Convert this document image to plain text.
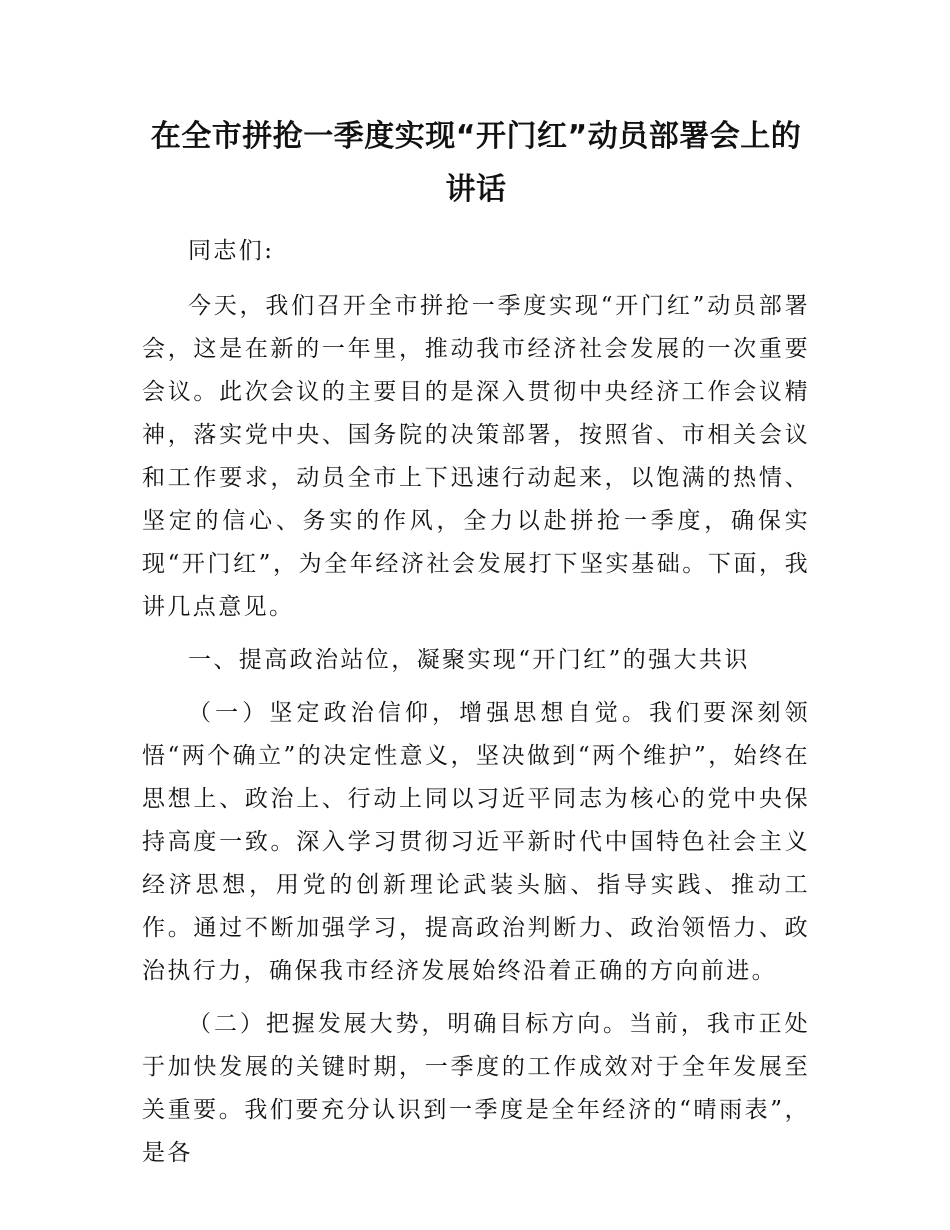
在全市拼抢一季度实现“开门红”动员部署会上的讲话

同志们:

今天，我们召开全市拼抢一季度实现“开门红”动员部署会，这是在新的一年里，推动我市经济社会发展的一次重要会议。此次会议的主要目的是深入贯彻中央经济工作会议精神，落实党中央、国务院的决策部署，按照省、市相关会议和工作要求，动员全市上下迅速行动起来，以饱满的热情、坚定的信心、务实的作风，全力以赴拼抢一季度，确保实现“开门红”，为全年经济社会发展打下坚实基础。下面，我讲几点意见。

一、提高政治站位，凝聚实现“开门红”的强大共识

（一）坚定政治信仰，增强思想自觉。我们要深刻领悟“两个确立”的决定性意义，坚决做到“两个维护”，始终在思想上、政治上、行动上同以习近平同志为核心的党中央保持高度一致。深入学习贯彻习近平新时代中国特色社会主义经济思想，用党的创新理论武装头脑、指导实践、推动工作。通过不断加强学习，提高政治判断力、政治领悟力、政治执行力，确保我市经济发展始终沿着正确的方向前进。

（二）把握发展大势，明确目标方向。当前，我市正处于加快发展的关键时期，一季度的工作成效对于全年发展至关重要。我们要充分认识到一季度是全年经济的“晴雨表”，是各
